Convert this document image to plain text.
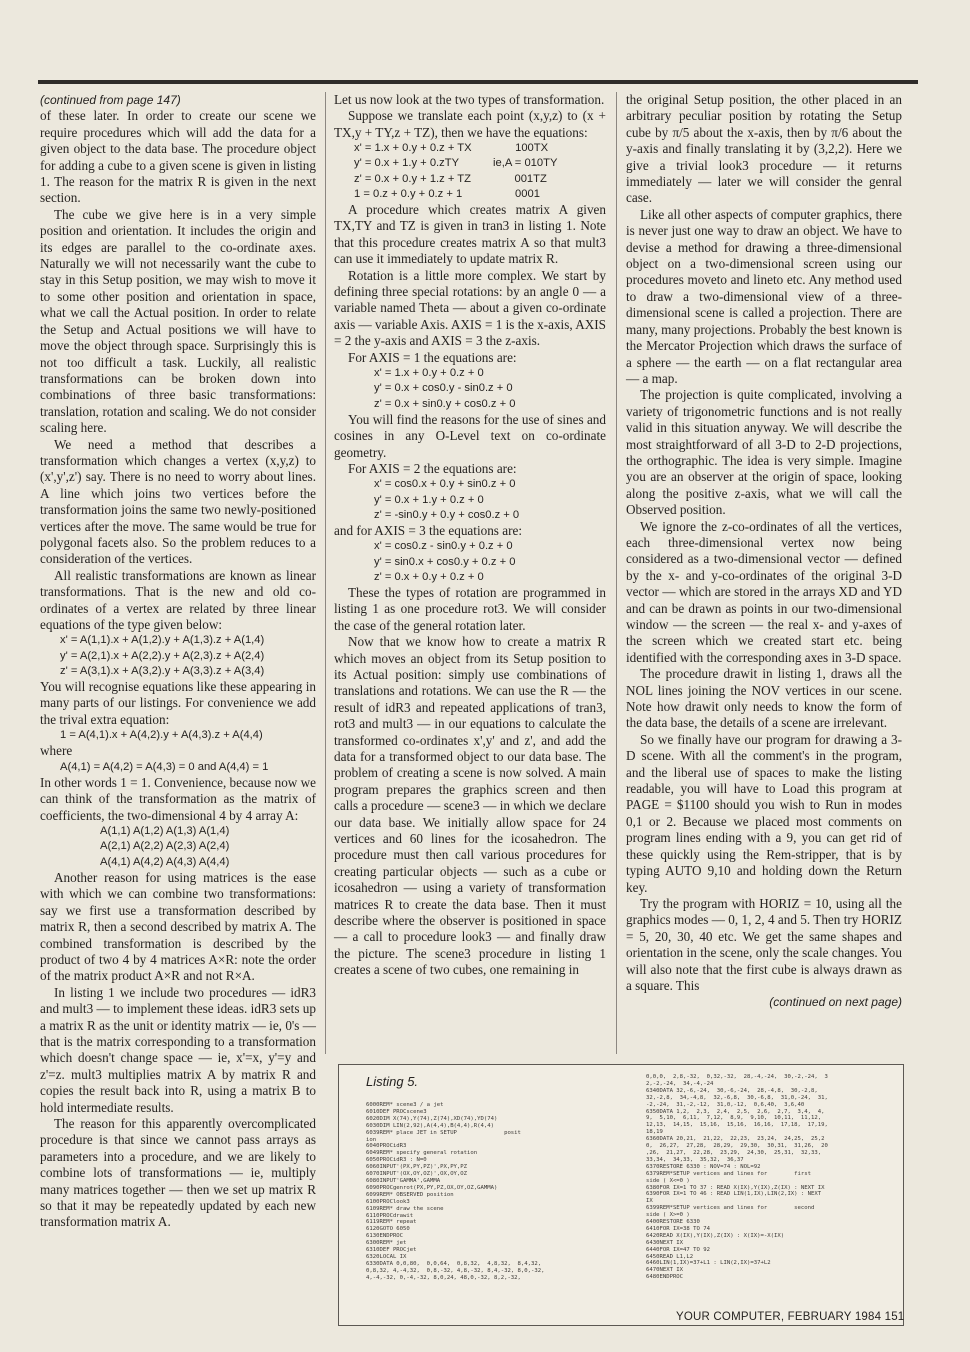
(continued from page 147)

of these later. In order to create our scene we require procedures which will add the data for a given object to the data base. The procedure object for adding a cube to a given scene is given in listing 1. The reason for the matrix R is given in the next section.

The cube we give here is in a very simple position and orientation. It includes the origin and its edges are parallel to the co-ordinate axes. Naturally we will not necessarily want the cube to stay in this Setup position, we may wish to move it to some other position and orientation in space, what we call the Actual position. In order to relate the Setup and Actual positions we will have to move the object through space. Surprisingly this is not too difficult a task. Luckily, all realistic transformations can be broken down into combinations of three basic transformations: translation, rotation and scaling. We do not consider scaling here.

We need a method that describes a transformation which changes a vertex (x,y,z) to (x',y',z') say. There is no need to worry about lines. A line which joins two vertices before the transformation joins the same two newly-positioned vertices after the move. The same would be true for polygonal facets also. So the problem reduces to a consideration of the vertices.

All realistic transformations are known as linear transformations. That is the new and old co-ordinates of a vertex are related by three linear equations of the type given below:

x' = A(1,1).x + A(1,2).y + A(1,3).z + A(1,4)

y' = A(2,1).x + A(2,2).y + A(2,3).z + A(2,4)

z' = A(3,1).x + A(3,2).y + A(3,3).z + A(3,4)

You will recognise equations like these appearing in many parts of our listings. For convenience we add the trival extra equation:

1 = A(4,1).x + A(4,2).y + A(4,3).z + A(4,4)

where

A(4,1) = A(4,2) = A(4,3) = 0 and A(4,4) = 1

In other words 1 = 1. Convenience, because now we can think of the transformation as the matrix of coefficients, the two-dimensional 4 by 4 array A:

A(1,1) A(1,2) A(1,3) A(1,4)

A(2,1) A(2,2) A(2,3) A(2,4)

A(4,1) A(4,2) A(4,3) A(4,4)

Another reason for using matrices is the ease with which we can combine two transformations: say we first use a transformation described by matrix R, then a second described by matrix A. The combined transformation is described by the product of two 4 by 4 matrices A×R: note the order of the matrix product A×R and not R×A.

In listing 1 we include two procedures — idR3 and mult3 — to implement these ideas. idR3 sets up a matrix R as the unit or identity matrix — ie, 0's — that is the matrix corresponding to a transformation which doesn't change space — ie, x'=x, y'=y and z'=z. mult3 multiplies matrix A by matrix R and copies the result back into R, using a matrix B to hold intermediate results.

The reason for this apparently overcomplicated procedure is that since we cannot pass arrays as parameters into a procedure, and we are likely to combine lots of transformations — ie, multiply many matrices together — then we set up matrix R so that it may be repeatedly updated by each new transformation matrix A.

Let us now look at the two types of transformation.

Suppose we translate each point (x,y,z) to (x + TX,y + TY,z + TZ), then we have the equations:

x' = 1.x + 0.y + 0.z + TX              100TX
y' = 0.x + 1.y + 0.zTY           ie,A = 010TY
z' = 0.x + 0.y + 1.z + TZ              001TZ
1 = 0.z + 0.y + 0.z + 1                 0001

A procedure which creates matrix A given TX,TY and TZ is given in tran3 in listing 1. Note that this procedure creates matrix A so that mult3 can use it immediately to update matrix R.

Rotation is a little more complex. We start by defining three special rotations: by an angle 0 — a variable named Theta — about a given co-ordinate axis — variable Axis. AXIS = 1 is the x-axis, AXIS = 2 the y-axis and AXIS = 3 the z-axis.

For AXIS = 1 the equations are:

x' = 1.x + 0.y + 0.z + 0
y' = 0.x + cos0.y - sin0.z + 0
z' = 0.x + sin0.y + cos0.z + 0

You will find the reasons for the use of sines and cosines in any O-Level text on co-ordinate geometry.

For AXIS = 2 the equations are:

x' = cos0.x + 0.y + sin0.z + 0
y' = 0.x + 1.y + 0.z + 0
z' = -sin0.y + 0.y + cos0.z + 0

and for AXIS = 3 the equations are:

x' = cos0.z - sin0.y + 0.z + 0
y' = sin0.x + cos0.y + 0.z + 0
z' = 0.x + 0.y + 0.z + 0

These the types of rotation are programmed in listing 1 as one procedure rot3. We will consider the case of the general rotation later.

Now that we know how to create a matrix R which moves an object from its Setup position to its Actual position: simply use combinations of translations and rotations. We can use the R — the result of idR3 and repeated applications of tran3, rot3 and mult3 — in our equations to calculate the transformed co-ordinates x',y' and z', and add the data for a transformed object to our data base. The problem of creating a scene is now solved. A main program prepares the graphics screen and then calls a procedure — scene3 — in which we declare our data base. We initially allow space for 24 vertices and 60 lines for the icosahedron. The procedure must then call various procedures for creating particular objects — such as a cube or icosahedron — using a variety of transformation matrices R to create the data base. Then it must describe where the observer is positioned in space — a call to procedure look3 — and finally draw the picture. The scene3 procedure in listing 1 creates a scene of two cubes, one remaining in

the original Setup position, the other placed in an arbitrary peculiar position by rotating the Setup cube by π/5 about the x-axis, then by π/6 about the y-axis and finally translating it by (3,2,2). Here we give a trivial look3 procedure — it returns immediately — later we will consider the genral case.

Like all other aspects of computer graphics, there is never just one way to draw an object. We have to devise a method for drawing a three-dimensional object on a two-dimensional screen using our procedures moveto and lineto etc. Any method used to draw a two-dimensional view of a three-dimensional scene is called a projection. There are many, many projections. Probably the best known is the Mercator Projection which draws the surface of a sphere — the earth — on a flat rectangular area — a map.

The projection is quite complicated, involving a variety of trigonometric functions and is not really valid in this situation anyway. We will describe the most straightforward of all 3-D to 2-D projections, the orthographic. The idea is very simple. Imagine you are an observer at the origin of space, looking along the positive z-axis, what we will call the Observed position.

We ignore the z-co-ordinates of all the vertices, each three-dimensional vertex now being considered as a two-dimensional vector — defined by the x- and y-co-ordinates of the original 3-D vector — which are stored in the arrays XD and YD and can be drawn as points in our two-dimensional window — the screen — the real x- and y-axes of the screen which we created start etc. being identified with the corresponding axes in 3-D space.

The procedure drawit in listing 1, draws all the NOL lines joining the NOV vertices in our scene. Note how drawit only needs to know the form of the data base, the details of a scene are irrelevant.

So we finally have our program for drawing a 3-D scene. With all the comment's in the program, and the liberal use of spaces to make the listing readable, you will have to Load this program at PAGE = $1100 should you wish to Run in modes 0,1 or 2. Because we placed most comments on program lines ending with a 9, you can get rid of these quickly using the Rem-stripper, that is by typing AUTO 9,10 and holding down the Return key.

Try the program with HORIZ = 10, using all the graphics modes — 0, 1, 2, 4 and 5. Then try HORIZ = 5, 20, 30, 40 etc. We get the same shapes and orientation in the scene, only the scale changes. You will also note that the first cube is always drawn as a square. This

(continued on next page)

Listing 5.
6000REM* scene3 / a jet
6010DEF PROCscene3
6020DIM X(74),Y(74),Z(74),XD(74),YD(74)
6030DIM LIN(2,92),A(4,4),B(4,4),R(4,4)
6039REM* place JET in SETUP              posit
ion
6040PROCidR3
6049REM* specify general rotation
6050PROCidR3 : N=0
6060INPUT'(PX,PY,PZ)',PX,PY,PZ
6070INPUT'(OX,OY,OZ)',OX,OY,OZ
6080INPUT'GAMMA',GAMMA
6090PROCgenrot(PX,PY,PZ,OX,OY,OZ,GAMMA)
6099REM* OBSERVED position
6100PROClook3
6109REM* draw the scene
6110PROCdrawit
6119REM* repeat
6120GOTO 6050
6130ENDPROC
6300REM* jet
6310DEF PROCjet
6320LOCAL IX
6330DATA 0,0,80,  0,0,64,  0,8,32,  4,8,32,  8,4,32,
0,8,32, 4,-4,32,  0,8,-32, 4,8,-32, 8,4,-32, 8,0,-32,
4,-4,-32, 0,-4,-32, 8,0,24, 48,0,-32, 8,2,-32,
0,0,0,  2,8,-32,  0,32,-32,  28,-4,-24,  30,-2,-24,  3
2,-2,-24,  34,-4,-24
6340DATA 32,-6,-24,  30,-6,-24,  28,-4,8,  30,-2,8,
32,-2,8,  34,-4,8,  32,-6,8,  30,-6,8,  31,0,-24,  31,
-2,-24,  31,-2,-12,  31,0,-12,  0,6,40,  3,6,40
6350DATA 1,2,  2,3,  2,4,  2,5,  2,6,  2,7,  3,4,  4,
9,  5,10,  6,11,  7,12,  8,9,  9,10,  10,11,  11,12,
12,13,  14,15,  15,16,  15,16,  16,16,  17,18,  17,19,
18,19
6360DATA 20,21,  21,22,  22,23,  23,24,  24,25,  25,2
0,  26,27,  27,28,  28,29,  29,30,  30,31,  31,26,  20
,26,  21,27,  22,28,  23,29,  24,30,  25,31,  32,33,
33,34,  34,33,  35,32,  36,37
6370RESTORE 6330 : NOV=74 : NOL=92
6379REM*SETUP vertices and lines for        first
side ( X<=0 )
6380FOR IX=1 TO 37 : READ X(IX),Y(IX),Z(IX) : NEXT IX
6390FOR IX=1 TO 46 : READ LIN(1,IX),LIN(2,IX) : NEXT
IX
6399REM*SETUP vertices and lines for        second
side ( X>=0 )
6400RESTORE 6330
6410FOR IX=38 TO 74
6420READ X(IX),Y(IX),Z(IX) : X(IX)=-X(IX)
6430NEXT IX
6440FOR IX=47 TO 92
6450READ L1,L2
6460LIN(1,IX)=37+L1 : LIN(2,IX)=37+L2
6470NEXT IX
6480ENDPROC
YOUR COMPUTER, FEBRUARY 1984 151
